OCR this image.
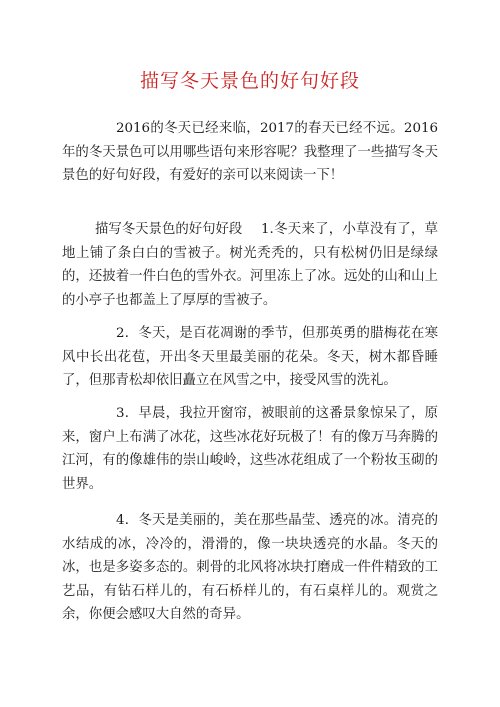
描写冬天景色的好句好段

2016的冬天已经来临，2017的春天已经不远。2016年的冬天景色可以用哪些语句来形容呢？我整理了一些描写冬天景色的好句好段，有爱好的亲可以来阅读一下！

描写冬天景色的好句好段 1.冬天来了，小草没有了，草地上铺了条白白的雪被子。树光秃秃的，只有松树仍旧是绿绿的，还披着一件白色的雪外衣。河里冻上了冰。远处的山和山上的小亭子也都盖上了厚厚的雪被子。

2．冬天，是百花凋谢的季节，但那英勇的腊梅花在寒风中长出花苞，开出冬天里最美丽的花朵。冬天，树木都昏睡了，但那青松却依旧矗立在风雪之中，接受风雪的洗礼。

3．早晨，我拉开窗帘，被眼前的这番景象惊呆了，原来，窗户上布满了冰花，这些冰花好玩极了！有的像万马奔腾的江河，有的像雄伟的崇山峻岭，这些冰花组成了一个粉妆玉砌的世界。

4．冬天是美丽的，美在那些晶莹、透亮的冰。清亮的水结成的冰，冷冷的，滑滑的，像一块块透亮的水晶。冬天的冰，也是多姿多态的。刺骨的北风将冰块打磨成一件件精致的工艺品，有钻石样儿的，有石桥样儿的，有石桌样儿的。观赏之余，你便会感叹大自然的奇异。
